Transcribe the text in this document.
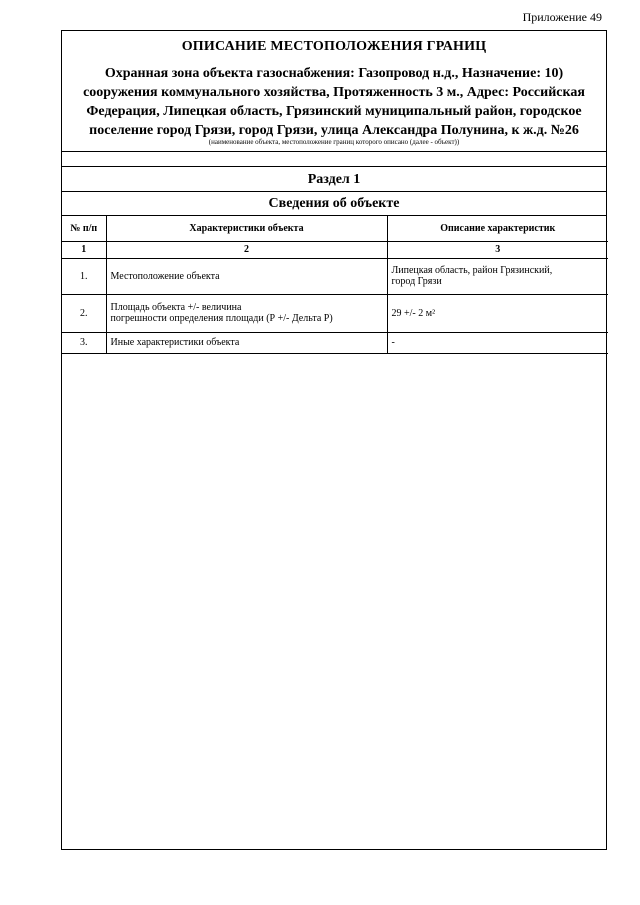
Приложение 49
ОПИСАНИЕ МЕСТОПОЛОЖЕНИЯ ГРАНИЦ
Охранная зона объекта газоснабжения: Газопровод н.д., Назначение: 10)
сооружения коммунального хозяйства, Протяженность 3 м., Адрес: Российская
Федерация, Липецкая область, Грязинский муниципальный район, городское
поселение город Грязи, город Грязи, улица Александра Полунина, к ж.д. №26
(наименование объекта, местоположение границ которого описано (далее - объект))
Раздел 1
Сведения об объекте
№ п/п	Характеристики объекта	Описание характеристик
1	2	3
1.	Местоположение объекта	Липецкая область, район Грязинский,
город Грязи

2.	Площадь объекта +/- величина
погрешности определения площади (Р +/- Дельта Р)	29 +/- 2 м²

3.	Иные характеристики объекта	-
